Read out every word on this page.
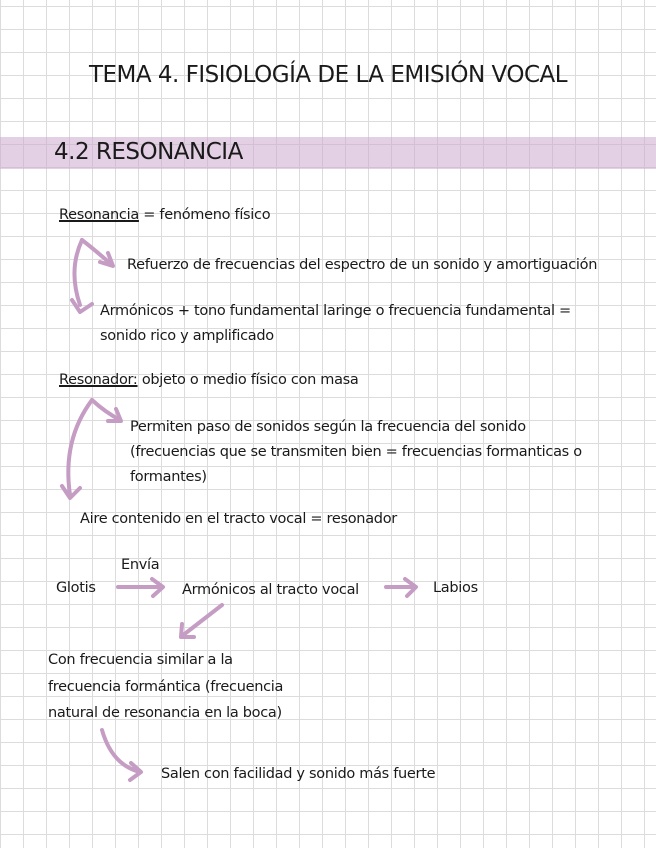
TEMA 4. FISIOLOGÍA DE LA EMISIÓN VOCAL
4.2 RESONANCIA
Resonancia = fenómeno físico
Refuerzo de frecuencias del espectro de un sonido y amortiguación
Armónicos + tono fundamental laringe o frecuencia fundamental =
sonido rico y amplificado
Resonador: objeto o medio físico con masa
Permiten paso de sonidos según la frecuencia del sonido
(frecuencias que se transmiten bien = frecuencias formanticas o
formantes)
Aire contenido en el tracto vocal = resonador
Envía
Glotis	Armónicos al tracto vocal	Labios
Con frecuencia similar a la
frecuencia formántica (frecuencia
natural de resonancia en la boca)
Salen con facilidad y sonido más fuerte
